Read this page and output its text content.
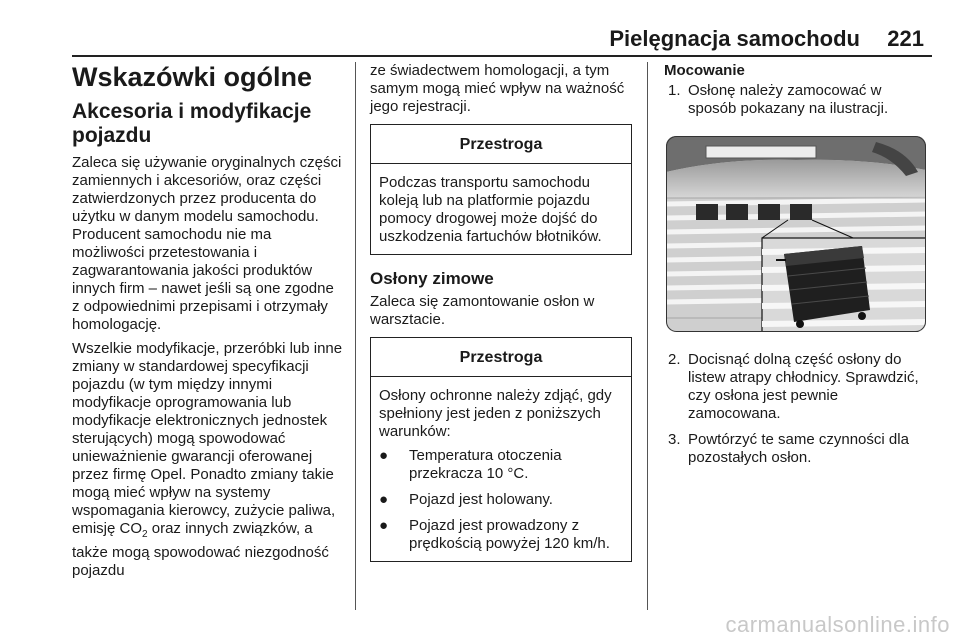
Pielęgnacja samochodu 221
Wskazówki ogólne
Akcesoria i modyfikacje pojazdu

Zaleca się używanie oryginalnych części zamiennych i akcesoriów, oraz części zatwierdzonych przez producenta do użytku w danym modelu samochodu. Producent samochodu nie ma możliwości przetestowania i zagwarantowania jakości produktów innych firm – nawet jeśli są one zgodne z odpowiednimi przepisami i otrzymały homologację.

Wszelkie modyfikacje, przeróbki lub inne zmiany w standardowej specyfikacji pojazdu (w tym między innymi modyfikacje oprogramowania lub modyfikacje elektronicznych jednostek sterujących) mogą spowodować unieważnienie gwarancji oferowanej przez firmę Opel. Ponadto zmiany takie mogą mieć wpływ na systemy wspomagania kierowcy, zużycie paliwa, emisję $CO_2$ oraz innych związków, a także mogą spowodować niezgodność pojazdu

ze świadectwem homologacji, a tym samym mogą mieć wpływ na ważność jego rejestracji.

Przestroga

Podczas transportu samochodu koleją lub na platformie pojazdu pomocy drogowej może dojść do uszkodzenia fartuchów błotników.

Osłony zimowe

Zaleca się zamontowanie osłon w warsztacie.

Przestroga

Osłony ochronne należy zdjąć, gdy spełniony jest jeden z poniższych warunków:

● Temperatura otoczenia przekracza 10 °C.
● Pojazd jest holowany.
● Pojazd jest prowadzony z prędkością powyżej 120 km/h.
Mocowanie
1. Osłonę należy zamocować w sposób pokazany na ilustracji.
2. Docisnąć dolną część osłony do listew atrapy chłodnicy. Sprawdzić, czy osłona jest pewnie zamocowana.
3. Powtórzyć te same czynności dla pozostałych osłon.
carmanualsonline.info
